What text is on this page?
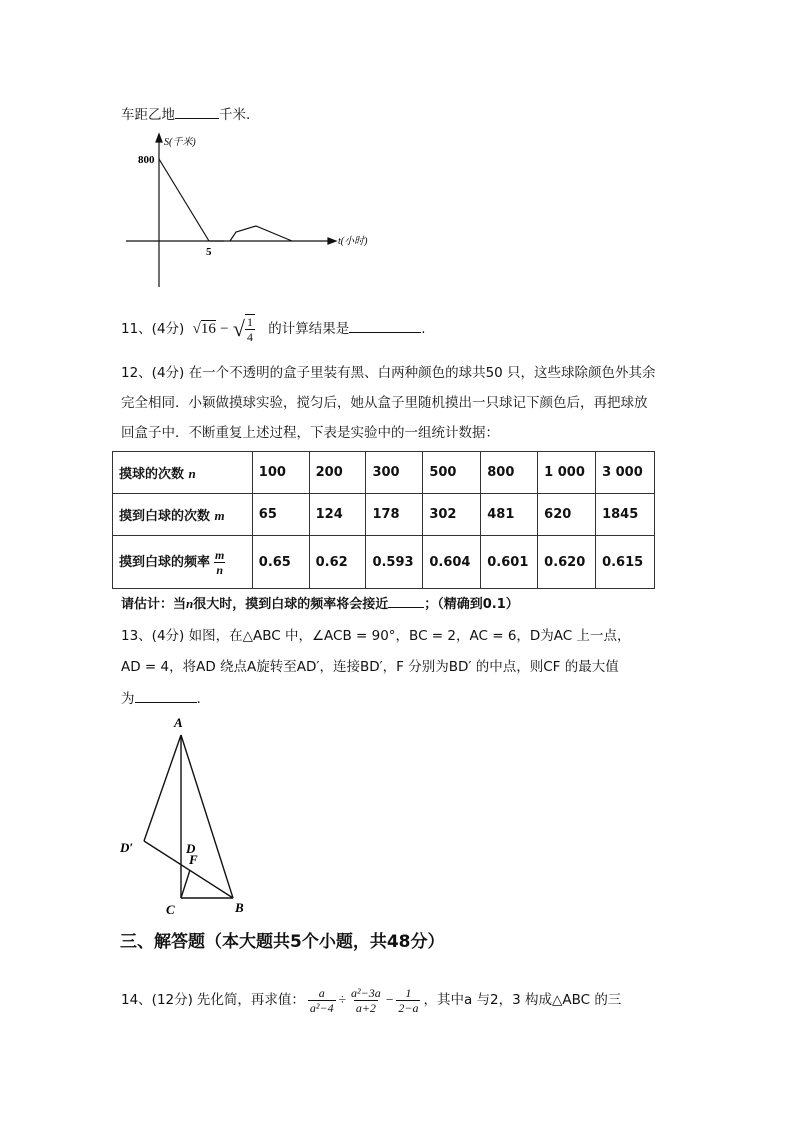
车距乙地	千米.
S(千米)
800
5
t(小时)
11、(4分) √16 − √ $\frac{1}{4}$ 的计算结果是	.
12、(4分) 在一个不透明的盒子里装有黑、白两种颜色的球共50 只，这些球除颜色外其余
完全相同．小颖做摸球实验，搅匀后，她从盒子里随机摸出一只球记下颜色后，再把球放
回盒子中．不断重复上述过程，下表是实验中的一组统计数据：
摸球的次数 n	100	200	300	500	800	1 000	3 000
摸到白球的次数 m	65	124	178	302	481	620	1845
摸到白球的频率 $\frac{m}{n}$	0.65	0.62	0.593	0.604	0.601	0.620	0.615
请估计：当n很大时，摸到白球的频率将会接近	；（精确到0.1）
13、(4分) 如图，在△ABC 中，∠ACB = 90°，BC = 2，AC = 6，D为AC 上一点，
AD = 4，将AD 绕点A旋转至AD′，连接BD′，F 分别为BD′ 的中点，则CF 的最大值
为	.
A
D′	D
F
C	B
三、解答题（本大题共5个小题，共48分）
14、(12分) 先化简，再求值： $\frac{a}{\text{a²−4}} \div \frac{\text{a²−3a}}{a+2} - \frac{1}{2-a}$ ，其中a 与2，3 构成△ABC 的三
